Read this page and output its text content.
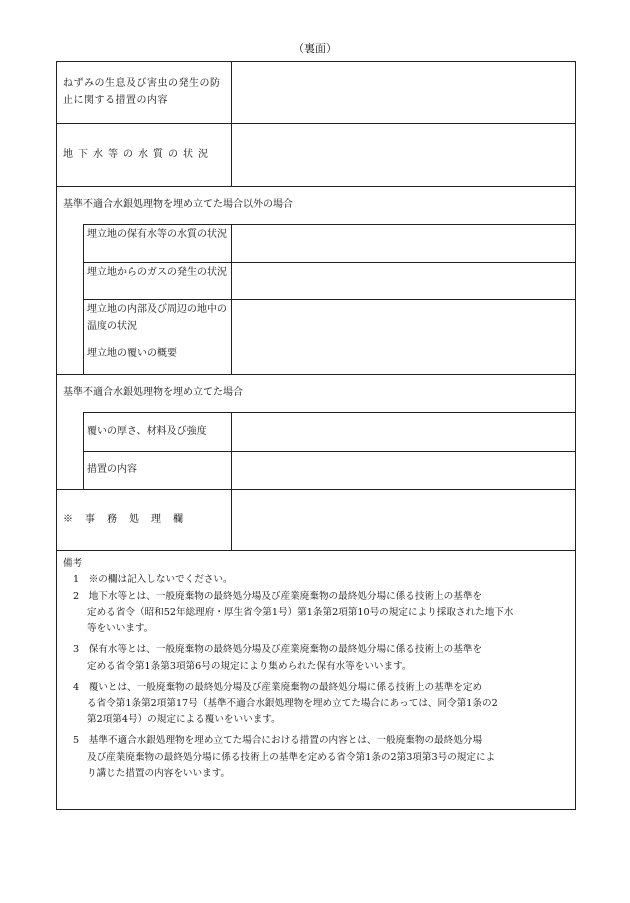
（裏面）
ねずみの生息及び害虫の発生の防止に関する措置の内容
地下水等の水質の状況
基準不適合水銀処理物を埋め立てた場合以外の場合
埋立地の保有水等の水質の状況
埋立地からのガスの発生の状況
埋立地の内部及び周辺の地中の温度の状況
埋立地の覆いの概要
基準不適合水銀処理物を埋め立てた場合
覆いの厚さ、材料及び強度
措置の内容
※　事　務　処　理　欄
備考
1　※の欄は記入しないでください。
2　地下水等とは、一般廃棄物の最終処分場及び産業廃棄物の最終処分場に係る技術上の基準を
定める省令（昭和52年総理府・厚生省令第1号）第1条第2項第10号の規定により採取された地下水
等をいいます。
3　保有水等とは、一般廃棄物の最終処分場及び産業廃棄物の最終処分場に係る技術上の基準を
定める省令第1条第3項第6号の規定により集められた保有水等をいいます。
4　覆いとは、一般廃棄物の最終処分場及び産業廃棄物の最終処分場に係る技術上の基準を定め
る省令第1条第2項第17号（基準不適合水銀処理物を埋め立てた場合にあっては、同令第1条の2
第2項第4号）の規定による覆いをいいます。
5　基準不適合水銀処理物を埋め立てた場合における措置の内容とは、一般廃棄物の最終処分場
及び産業廃棄物の最終処分場に係る技術上の基準を定める省令第1条の2第3項第3号の規定によ
り講じた措置の内容をいいます。
